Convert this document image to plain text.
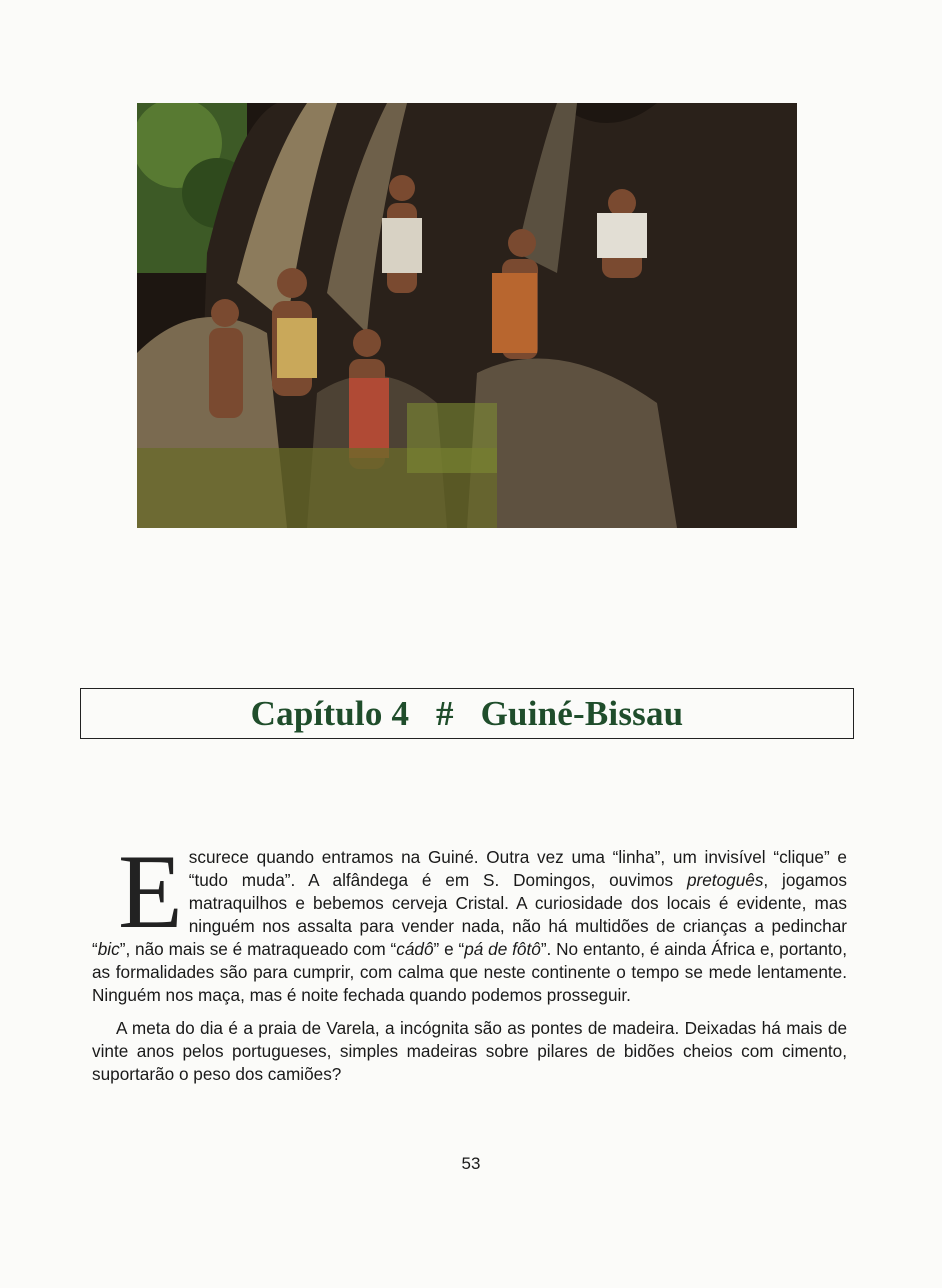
Capítulo 4   #   Guiné-Bissau

E scurece quando entramos na Guiné. Outra vez uma “linha”, um invisível “clique” e “tudo muda”. A alfândega é em S. Domingos, ouvimos pretoguês, jogamos matraquilhos e bebemos cerveja Cristal. A curiosidade dos locais é evidente, mas ninguém nos assalta para vender nada, não há multidões de crianças a pedinchar “bic”, não mais se é matraqueado com “cádô” e “pá de fôtô”. No entanto, é ainda África e, portanto, as formalidades são para cumprir, com calma que neste continente o tempo se mede lentamente. Ninguém nos maça, mas é noite fechada quando podemos prosseguir.

A meta do dia é a praia de Varela, a incógnita são as pontes de madeira. Deixadas há mais de vinte anos pelos portugueses, simples madeiras sobre pilares de bidões cheios com cimento, suportarão o peso dos camiões?

53
